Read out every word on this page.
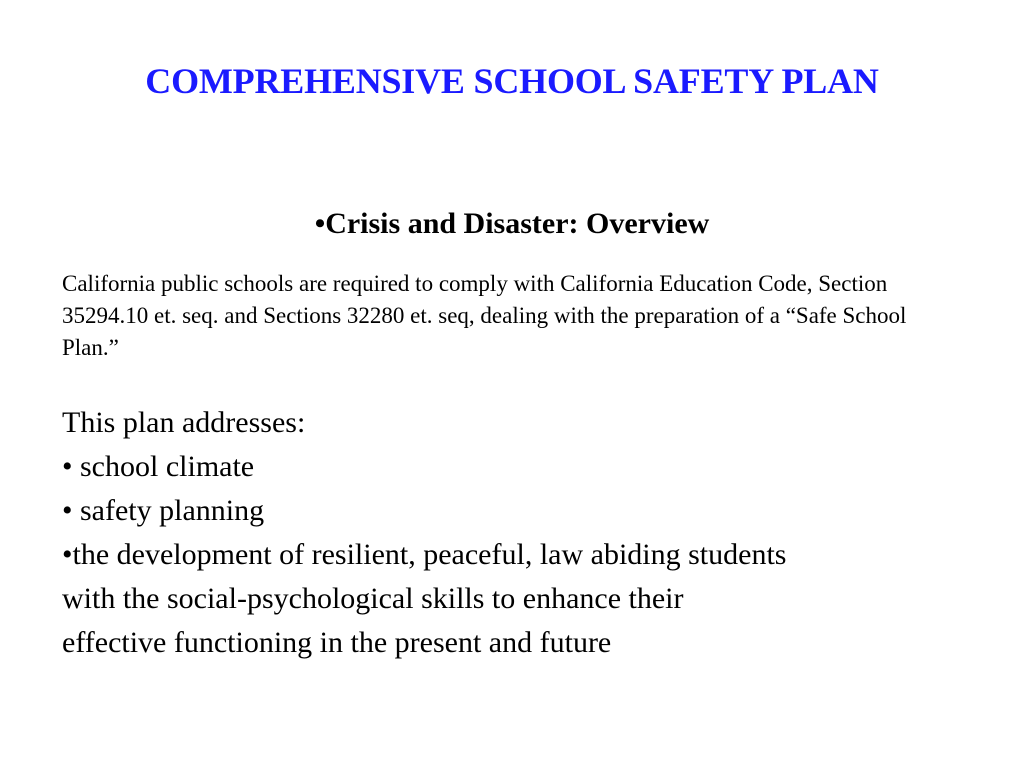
COMPREHENSIVE SCHOOL SAFETY PLAN
•Crisis and Disaster: Overview

California public schools are required to comply with California Education Code, Section 35294.10 et. seq. and Sections 32280 et. seq, dealing with the preparation of a “Safe School Plan.”

This plan addresses:
• school climate
• safety planning
•the development of resilient, peaceful, law abiding students
with the social-psychological skills to enhance their
effective functioning in the present and future
